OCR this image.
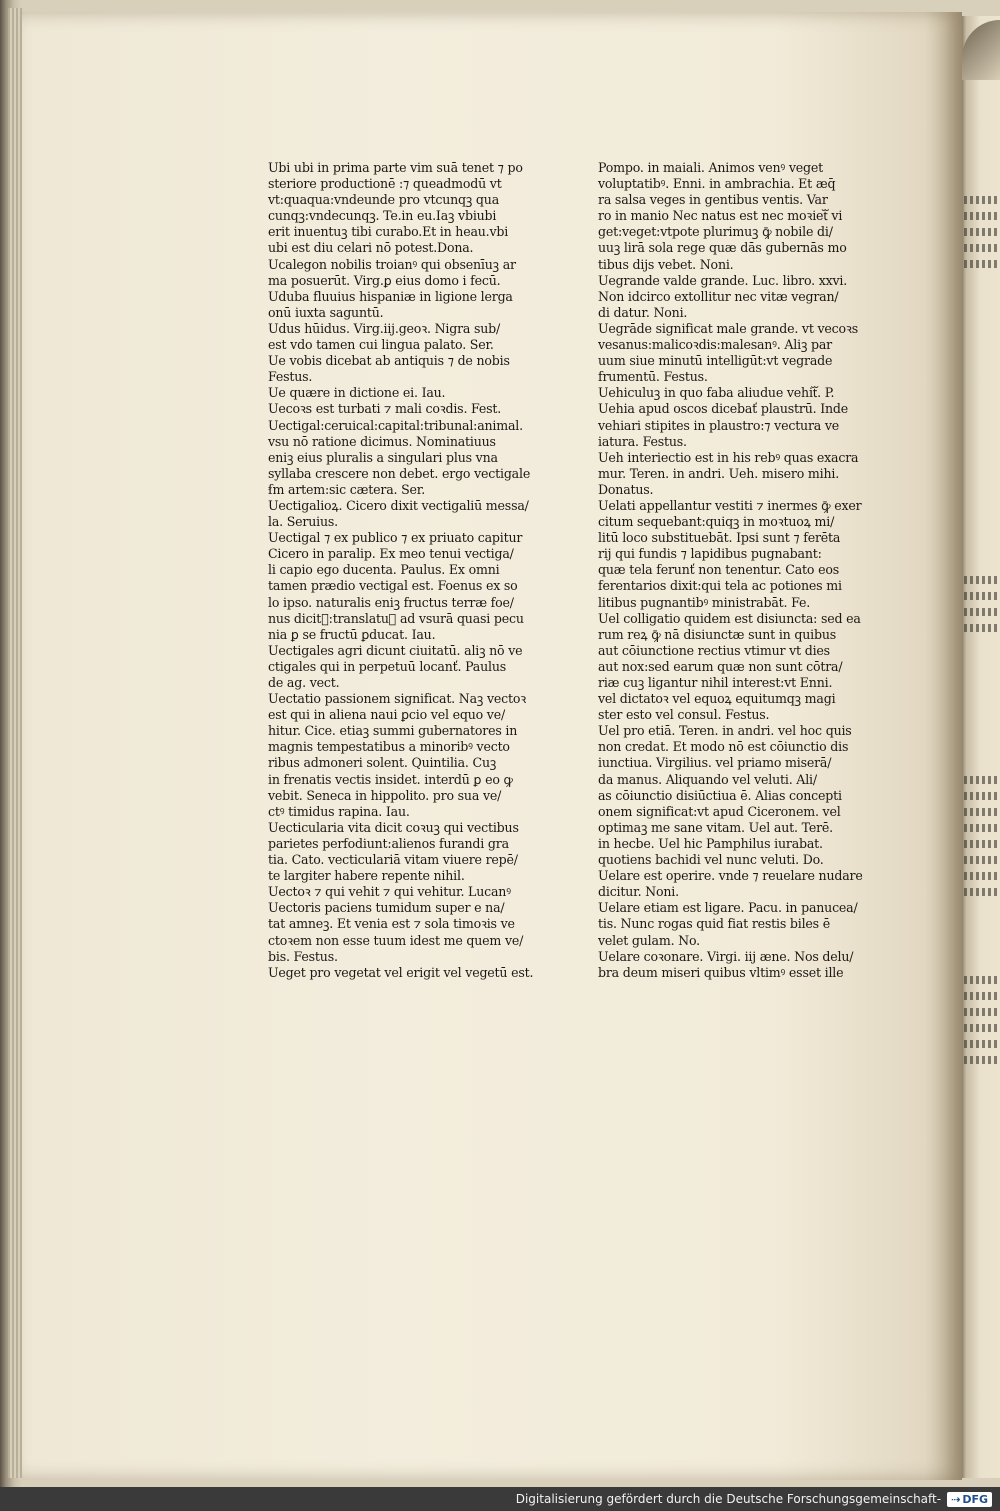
Ubi ubi in prima parte vim suā tenet ⁊ po
steriore productionē :⁊ queadmodū vt
vt:quaqua:vndeunde pro vtcunqꝫ qua
cunqꝫ:vndecunqꝫ. Te.in eu.Iaꝫ vbiubi
erit inuentuꝫ tibi curabo.Et in heau.vbi
ubi est diu celari nō potest.Dona.

Ucalegon nobilis troianꝰ qui obsenīuꝫ ar
ma posuerūt. Virg.ꝑ eius domo i fecū.

Uduba fluuius hispaniæ in ligione lerga
onū iuxta saguntū.

Udus hūidus. Virg.iij.geoꝛ. Nigra sub/
est vdo tamen cui lingua palato. Ser.

Ue vobis dicebat ab antiquis ⁊ de nobis
Festus.

Ue quære in dictione ei. Iau.

Uecoꝛs est turbati ⁊ mali coꝛdis. Fest.

Uectigal:ceruical:capital:tribunal:animal.
vsu nō ratione dicimus. Nominatiuus
eniꝫ eius pluralis a singulari plus vna
syllaba crescere non debet. ergo vectigale
ẜm artem:sic cætera. Ser.

Uectigalioꝝ. Cicero dixit vectigaliū messa/
la. Seruius.

Uectigal ⁊ ex publico ⁊ ex priuato capitur
Cicero in paralip. Ex meo tenui vectiga/
li capio ego ducenta. Paulus. Ex omni
tamen prædio vectigal est. Foenus ex so
lo ipso. naturalis eniꝫ fructus terræ foe/
nus dicitᷓ:translatuꝫ ad vsurā quasi pecu
nia ꝑ se fructū ꝑducat. Iau.

Uectigales agri dicunt ciuitatū. aliꝫ nō ve
ctigales qui in perpetuū locanť. Paulus
de ag. vect.

Uectatio passionem significat. Naꝫ vectoꝛ
est qui in aliena naui ꝑcio vel equo ve/
hitur. Cice. etiaꝫ summi gubernatores in
magnis tempestatibus a minoribꝰ vecto
ribus admoneri solent. Quintilia. Cuꝫ
in frenatis vectis insidet. interdū ꝑ eo ꝙ
vebit. Seneca in hippolito. pro sua ve/
ctꝰ timidus rapina. Iau.

Uecticularia vita dicit coꝛuꝫ qui vectibus
parietes perfodiunt:alienos furandi gra
tia. Cato. vecticulariā vitam viuere repē/
te largiter habere repente nihil.

Uectoꝛ ⁊ qui vehit ⁊ qui vehitur. Lucanꝰ
Uectoris paciens tumidum super e na/
tat amneꝫ. Et venia est ⁊ sola timoꝛis ve
ctoꝛem non esse tuum idest me quem ve/
bis. Festus.

Ueget pro vegetat vel erigit vel vegetū est.

Pompo. in maiali. Animos venꝰ veget
voluptatibꝰ. Enni. in ambrachia. Et æq̄
ra salsa veges in gentibus ventis. Var
ro in manio Nec natus est nec moꝛietᷓ vi
get:veget:vtpote plurimuꝫ ꝙ̄ nobile di/
uuꝫ lirā sola rege quæ dās gubernās mo
tibus dijs vebet. Noni.

Uegrande valde grande. Luc. libro. xxvi.
Non idcirco extollitur nec vitæ vegran/
di datur. Noni.

Uegrāde significat male grande. vt vecoꝛs
vesanus:malicoꝛdis:malesanꝰ. Aliꝫ par
uum siue minutū intelligūt:vt vegrade
frumentū. Festus.

Uehiculuꝫ in quo faba aliudue vehitᷓ. P.

Uehia apud oscos dicebať plaustrū. Inde
vehiari stipites in plaustro:⁊ vectura ve
iatura. Festus.

Ueh interiectio est in his rebꝰ quas exacra
mur. Teren. in andri. Ueh. misero mihi.
Donatus.

Uelati appellantur vestiti ⁊ inermes ꝙ̄ exer
citum sequebant:quiqꝫ in moꝛtuoꝝ mi/
litū loco substituebāt. Ipsi sunt ⁊ ferēta
rij qui fundis ⁊ lapidibus pugnabant:
quæ tela ferunť non tenentur. Cato eos
ferentarios dixit:qui tela ac potiones mi
litibus pugnantibꝰ ministrabāt. Fe.

Uel colligatio quidem est disiuncta: sed ea
rum reꝝ ꝙ̄ nā disiunctæ sunt in quibus
aut cōiunctione rectius vtimur vt dies
aut nox:sed earum quæ non sunt cōtra/
riæ cuꝫ ligantur nihil interest:vt Enni.
vel dictatoꝛ vel equoꝝ equitumqꝫ magi
ster esto vel consul. Festus.

Uel pro etiā. Teren. in andri. vel hoc quis
non credat. Et modo nō est cōiunctio dis
iunctiua. Virgilius. vel priamo miserā/
da manus. Aliquando vel veluti. Ali/
as cōiunctio disiūctiua ē. Alias concepti
onem significat:vt apud Ciceronem. vel
optimaꝫ me sane vitam. Uel aut. Terē.
in hecbe. Uel hic Pamphilus iurabat.
quotiens bachidi vel nunc veluti. Do.

Uelare est operire. vnde ⁊ reuelare nudare
dicitur. Noni.

Uelare etiam est ligare. Pacu. in panucea/
tis. Nunc rogas quid fiat restis biles ē
velet gulam. No.

Uelare coꝛonare. Virgi. iij æne. Nos delu/
bra deum miseri quibus vltimꝰ esset ille

Digitalisierung gefördert durch die Deutsche Forschungsgemeinschaft - ⇢ DFG
